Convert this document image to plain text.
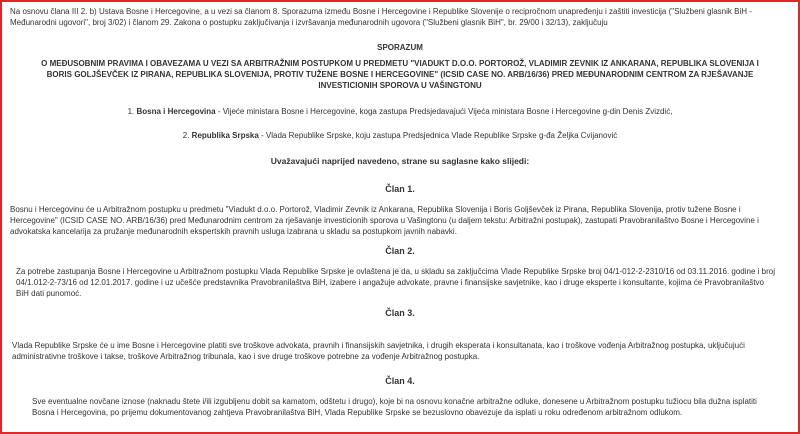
Na osnovu člana III 2. b) Ustava Bosne i Hercegovine, a u vezi sa članom 8. Sporazuma između Bosne i Hercegovine i Republike Slovenije o recipročnom unapređenju i zaštiti investicija ("Službeni glasnik BiH - Međunarodni ugovori", broj 3/02) i članom 29. Zakona o postupku zaključivanja i izvršavanja međunarodnih ugovora ("Službeni glasnik BiH", br. 29/00 i 32/13), zaključuju
SPORAZUM
O MEĐUSOBNIM PRAVIMA I OBAVEZAMA U VEZI SA ARBITRAŽNIM POSTUPKOM U PREDMETU "VIADUKT D.O.O. PORTOROŽ, VLADIMIR ZEVNIK IZ ANKARANA, REPUBLIKA SLOVENIJA I BORIS GOLJŠEVČEK IZ PIRANA, REPUBLIKA SLOVENIJA, PROTIV TUŽENE BOSNE I HERCEGOVINE" (ICSID CASE NO. ARB/16/36) PRED MEĐUNARODNIM CENTROM ZA RJEŠAVANJE INVESTICIONIH SPOROVA U VAŠINGTONU
1. Bosna i Hercegovina - Vijeće ministara Bosne i Hercegovine, koga zastupa Predsjedavajući Vijeća ministara Bosne i Hercegovine g-din Denis Zvizdić,
2. Republika Srpska - Vlada Republike Srpske, koju zastupa Predsjednica Vlade Republike Srpske g-đa Željka Cvijanović
Uvažavajući naprijed navedeno, strane su saglasne kako slijedi:
Član 1.
Bosnu i Hercegovinu će u Arbitražnom postupku u predmetu "Viadukt d.o.o. Portorož, Vladimir Zevnik iz Ankarana, Republika Slovenija i Boris Goljševček iz Pirana, Republika Slovenija, protiv tužene Bosne i Hercegovine" (ICSID CASE NO. ARB/16/36) pred Međunarodnim centrom za rješavanje investicionih sporova u Vašingtonu (u daljem tekstu: Arbitražni postupak), zastupati Pravobranilaštvo Bosne i Hercegovine i advokatska kancelarija za pružanje međunarodnih ekspertskih pravnih usluga izabrana u skladu sa postupkom javnih nabavki.
Član 2.
Za potrebe zastupanja Bosne i Hercegovine u Arbitražnom postupku Vlada Republike Srpske je ovlaštena je da, u skladu sa zaključcima Vlade Republike Srpske broj 04/1-012-2-2310/16 od 03.11.2016. godine i broj 04/1.012-2-73/16 od 12.01.2017. godine i uz učešće predstavnika Pravobranilaštva BiH, izabere i angažuje advokate, pravne i finansijske savjetnike, kao i druge eksperte i konsultante, kojima će Pravobranilaštvo BiH dati punomoć.
Član 3.
Vlada Republike Srpske će u ime Bosne i Hercegovine platiti sve troškove advokata, pravnih i finansijskih savjetnika, i drugih eksperata i konsultanata, kao i troškove vođenja Arbitražnog postupka, uključujući administrativne troškove i takse, troškove Arbitražnog tribunala, kao i sve druge troškove potrebne za vođenje Arbitražnog postupka.
Član 4.
Sve eventualne novčane iznose (naknadu štete i/ili izgubljenu dobit sa kamatom, odštetu i drugo), koje bi na osnovu konačne arbitražne odluke, donesene u Arbitražnom postupku tužiocu bila dužna isplatiti Bosna i Hercegovina, po prijemu dokumentovanog zahtjeva Pravobranilaštva BiH, Vlada Republike Srpske se bezuslovno obavezuje da isplati u roku određenom arbitražnom odlukom.
